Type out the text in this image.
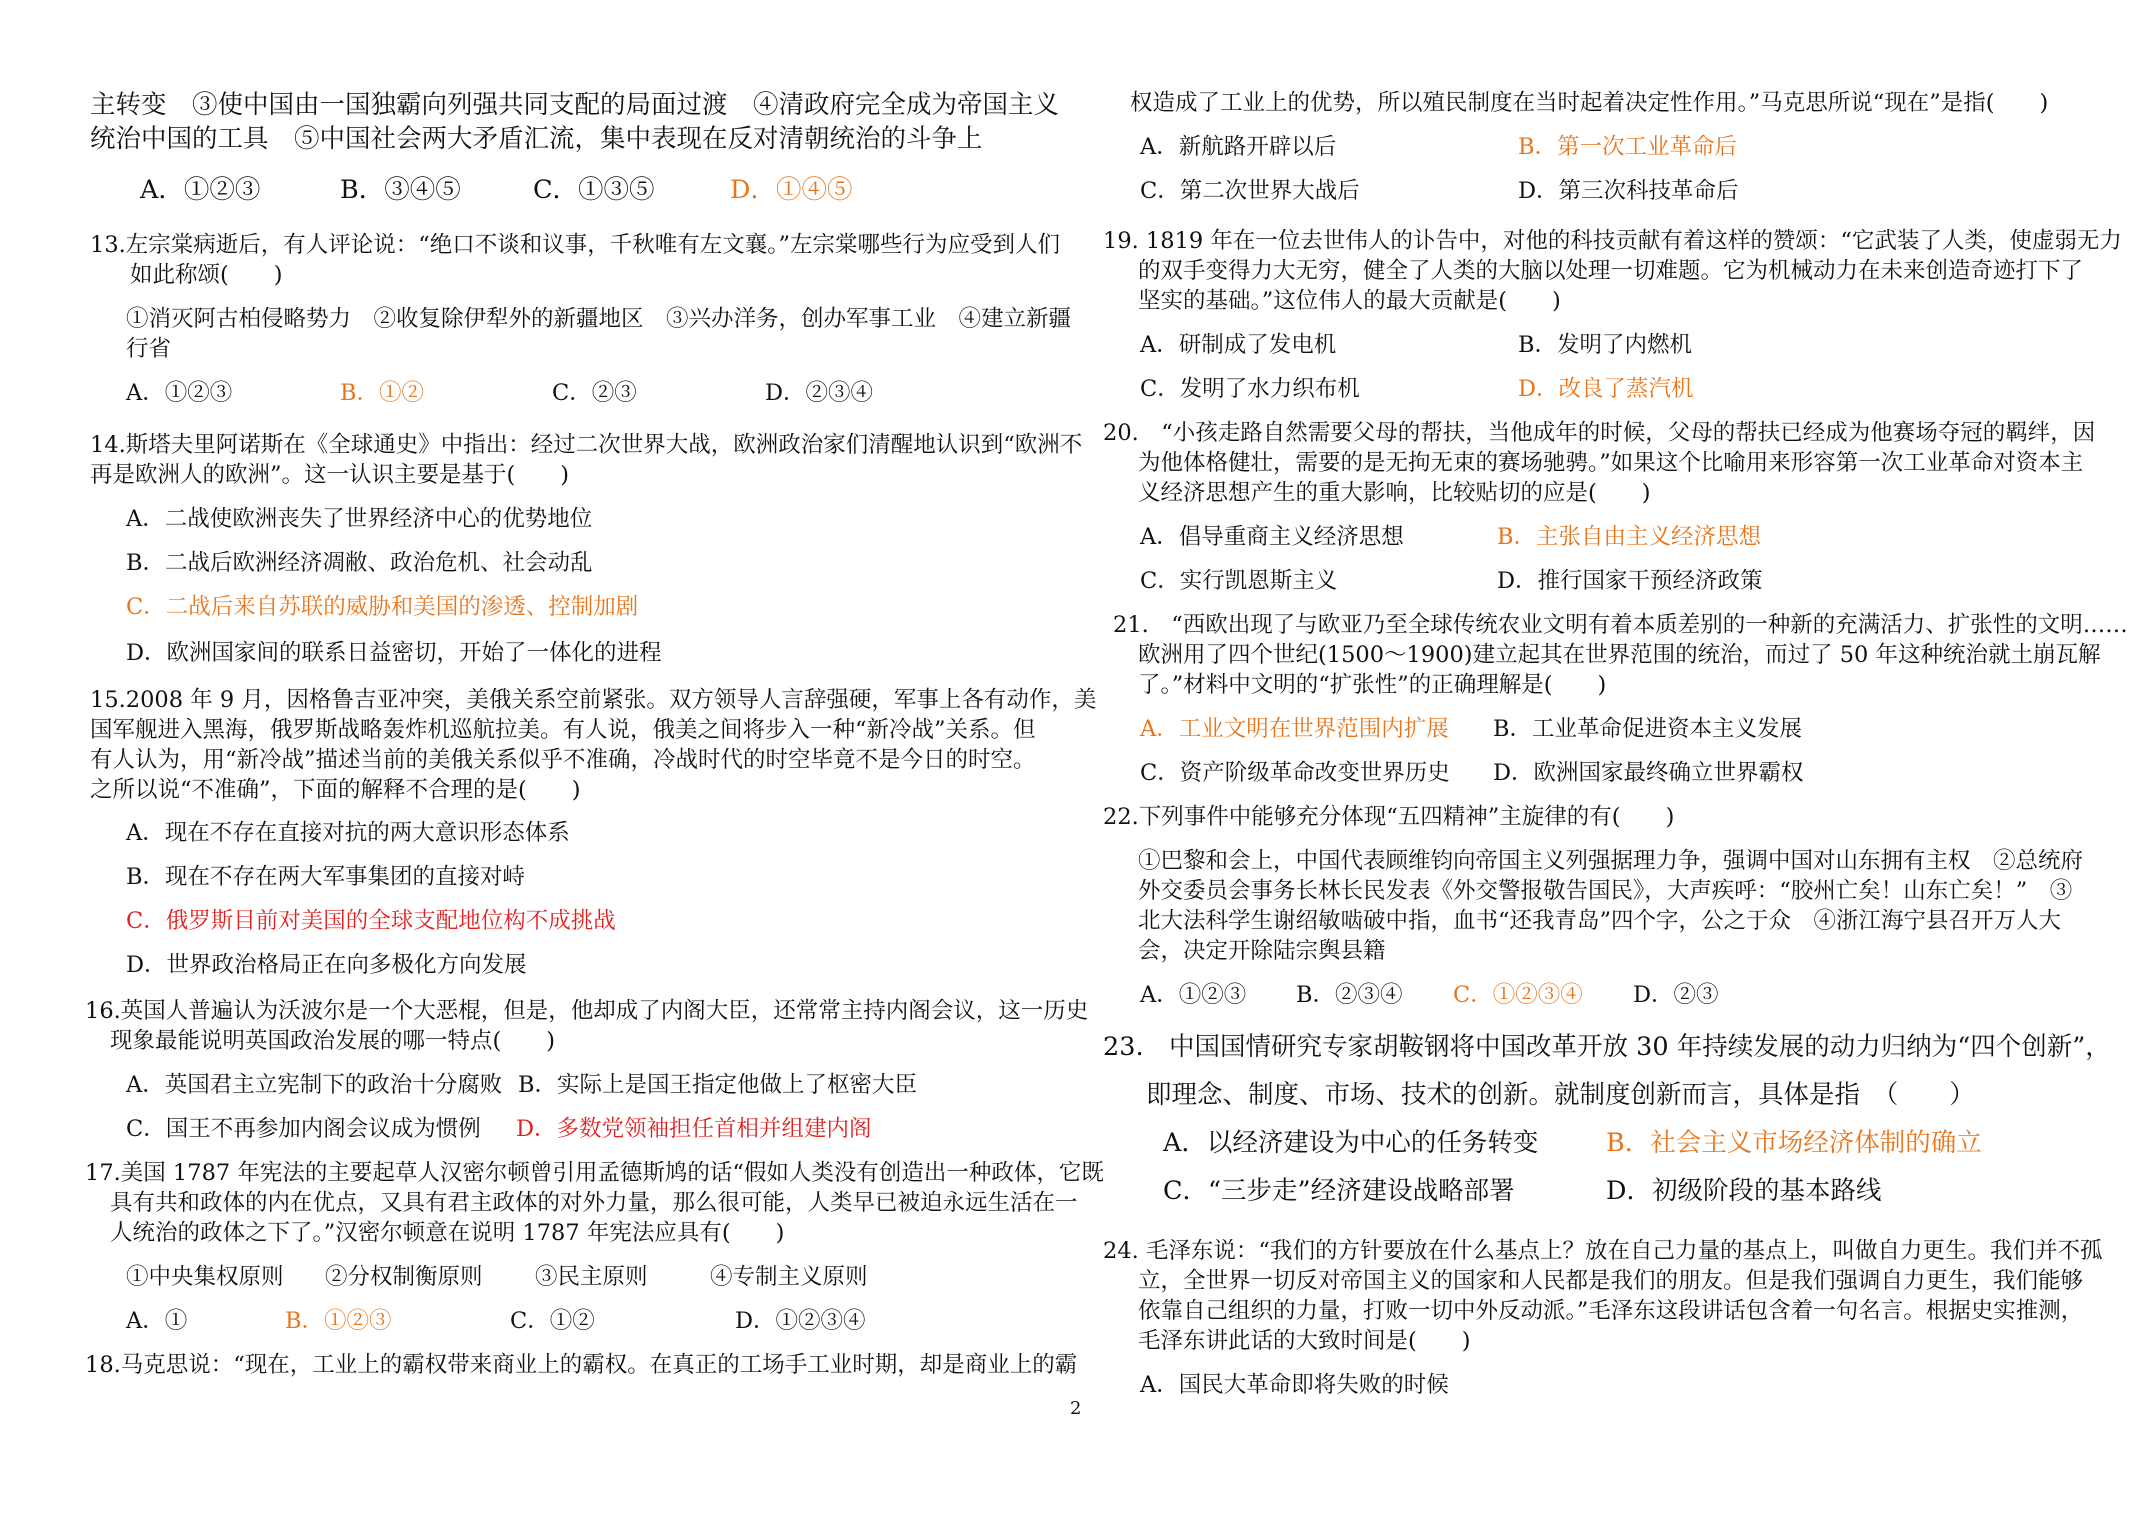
主转变　③使中国由一国独霸向列强共同支配的局面过渡　④清政府完全成为帝国主义
统治中国的工具　⑤中国社会两大矛盾汇流，集中表现在反对清朝统治的斗争上
A．①②③	B．③④⑤	C．①③⑤	D．①④⑤
13.左宗棠病逝后，有人评论说：“绝口不谈和议事，千秋唯有左文襄。”左宗棠哪些行为应受到人们
如此称颂(　　)
①消灭阿古柏侵略势力　②收复除伊犁外的新疆地区　③兴办洋务，创办军事工业　④建立新疆
行省
A．①②③	B．①②	C．②③	D．②③④
14.斯塔夫里阿诺斯在《全球通史》中指出：经过二次世界大战，欧洲政治家们清醒地认识到“欧洲不
再是欧洲人的欧洲”。这一认识主要是基于(　　)
A．二战使欧洲丧失了世界经济中心的优势地位
B．二战后欧洲经济凋敝、政治危机、社会动乱
C．二战后来自苏联的威胁和美国的渗透、控制加剧
D．欧洲国家间的联系日益密切，开始了一体化的进程
15.2008 年 9 月，因格鲁吉亚冲突，美俄关系空前紧张。双方领导人言辞强硬，军事上各有动作，美
国军舰进入黑海，俄罗斯战略轰炸机巡航拉美。有人说，俄美之间将步入一种“新冷战”关系。但
有人认为，用“新冷战”描述当前的美俄关系似乎不准确，冷战时代的时空毕竟不是今日的时空。
之所以说“不准确”，下面的解释不合理的是(　　)
A．现在不存在直接对抗的两大意识形态体系
B．现在不存在两大军事集团的直接对峙
C．俄罗斯目前对美国的全球支配地位构不成挑战
D．世界政治格局正在向多极化方向发展
16.英国人普遍认为沃波尔是一个大恶棍，但是，他却成了内阁大臣，还常常主持内阁会议，这一历史
现象最能说明英国政治发展的哪一特点(　　)
A．英国君主立宪制下的政治十分腐败 B．实际上是国王指定他做上了枢密大臣
C．国王不再参加内阁会议成为惯例 D．多数党领袖担任首相并组建内阁
17.美国 1787 年宪法的主要起草人汉密尔顿曾引用孟德斯鸠的话“假如人类没有创造出一种政体，它既
具有共和政体的内在优点，又具有君主政体的对外力量，那么很可能，人类早已被迫永远生活在一
人统治的政体之下了。”汉密尔顿意在说明 1787 年宪法应具有(　　)
①中央集权原则 ②分权制衡原则 ③民主原则	④专制主义原则
A．①	B．①②③	C．①②	D．①②③④
18.马克思说：“现在，工业上的霸权带来商业上的霸权。在真正的工场手工业时期，却是商业上的霸
权造成了工业上的优势，所以殖民制度在当时起着决定性作用。”马克思所说“现在”是指(　　)
A．新航路开辟以后	B．第一次工业革命后
C．第二次世界大战后	D．第三次科技革命后
19. 1819 年在一位去世伟人的讣告中，对他的科技贡献有着这样的赞颂：“它武装了人类，使虚弱无力
的双手变得力大无穷，健全了人类的大脑以处理一切难题。它为机械动力在未来创造奇迹打下了
坚实的基础。”这位伟人的最大贡献是(　　)
A．研制成了发电机	B．发明了内燃机
C．发明了水力织布机	D．改良了蒸汽机
20.　“小孩走路自然需要父母的帮扶，当他成年的时候，父母的帮扶已经成为他赛场夺冠的羁绊，因
为他体格健壮，需要的是无拘无束的赛场驰骋。”如果这个比喻用来形容第一次工业革命对资本主
义经济思想产生的重大影响，比较贴切的应是(　　)
A．倡导重商主义经济思想	B．主张自由主义经济思想
C．实行凯恩斯主义	D．推行国家干预经济政策
21.　“西欧出现了与欧亚乃至全球传统农业文明有着本质差别的一种新的充满活力、扩张性的文明……
欧洲用了四个世纪(1500～1900)建立起其在世界范围的统治，而过了 50 年这种统治就土崩瓦解
了。”材料中文明的“扩张性”的正确理解是(　　)
A．工业文明在世界范围内扩展 B．工业革命促进资本主义发展
C．资产阶级革命改变世界历史 D．欧洲国家最终确立世界霸权
22.下列事件中能够充分体现“五四精神”主旋律的有(　　)
①巴黎和会上，中国代表顾维钧向帝国主义列强据理力争，强调中国对山东拥有主权　②总统府
外交委员会事务长林长民发表《外交警报敬告国民》，大声疾呼：“胶州亡矣！山东亡矣！”　③
北大法科学生谢绍敏啮破中指，血书“还我青岛”四个字，公之于众　④浙江海宁县召开万人大
会，决定开除陆宗舆县籍
A．①②③ B．②③④ C．①②③④ D．②③
23.　中国国情研究专家胡鞍钢将中国改革开放 30 年持续发展的动力归纳为“四个创新”，
即理念、制度、市场、技术的创新。就制度创新而言，具体是指　（　　）
A．以经济建设为中心的任务转变	B．社会主义市场经济体制的确立
C．“三步走”经济建设战略部署	D．初级阶段的基本路线
24. 毛泽东说：“我们的方针要放在什么基点上？放在自己力量的基点上，叫做自力更生。我们并不孤
立，全世界一切反对帝国主义的国家和人民都是我们的朋友。但是我们强调自力更生，我们能够
依靠自己组织的力量，打败一切中外反动派。”毛泽东这段讲话包含着一句名言。根据史实推测，
毛泽东讲此话的大致时间是(　　)
A．国民大革命即将失败的时候
2
